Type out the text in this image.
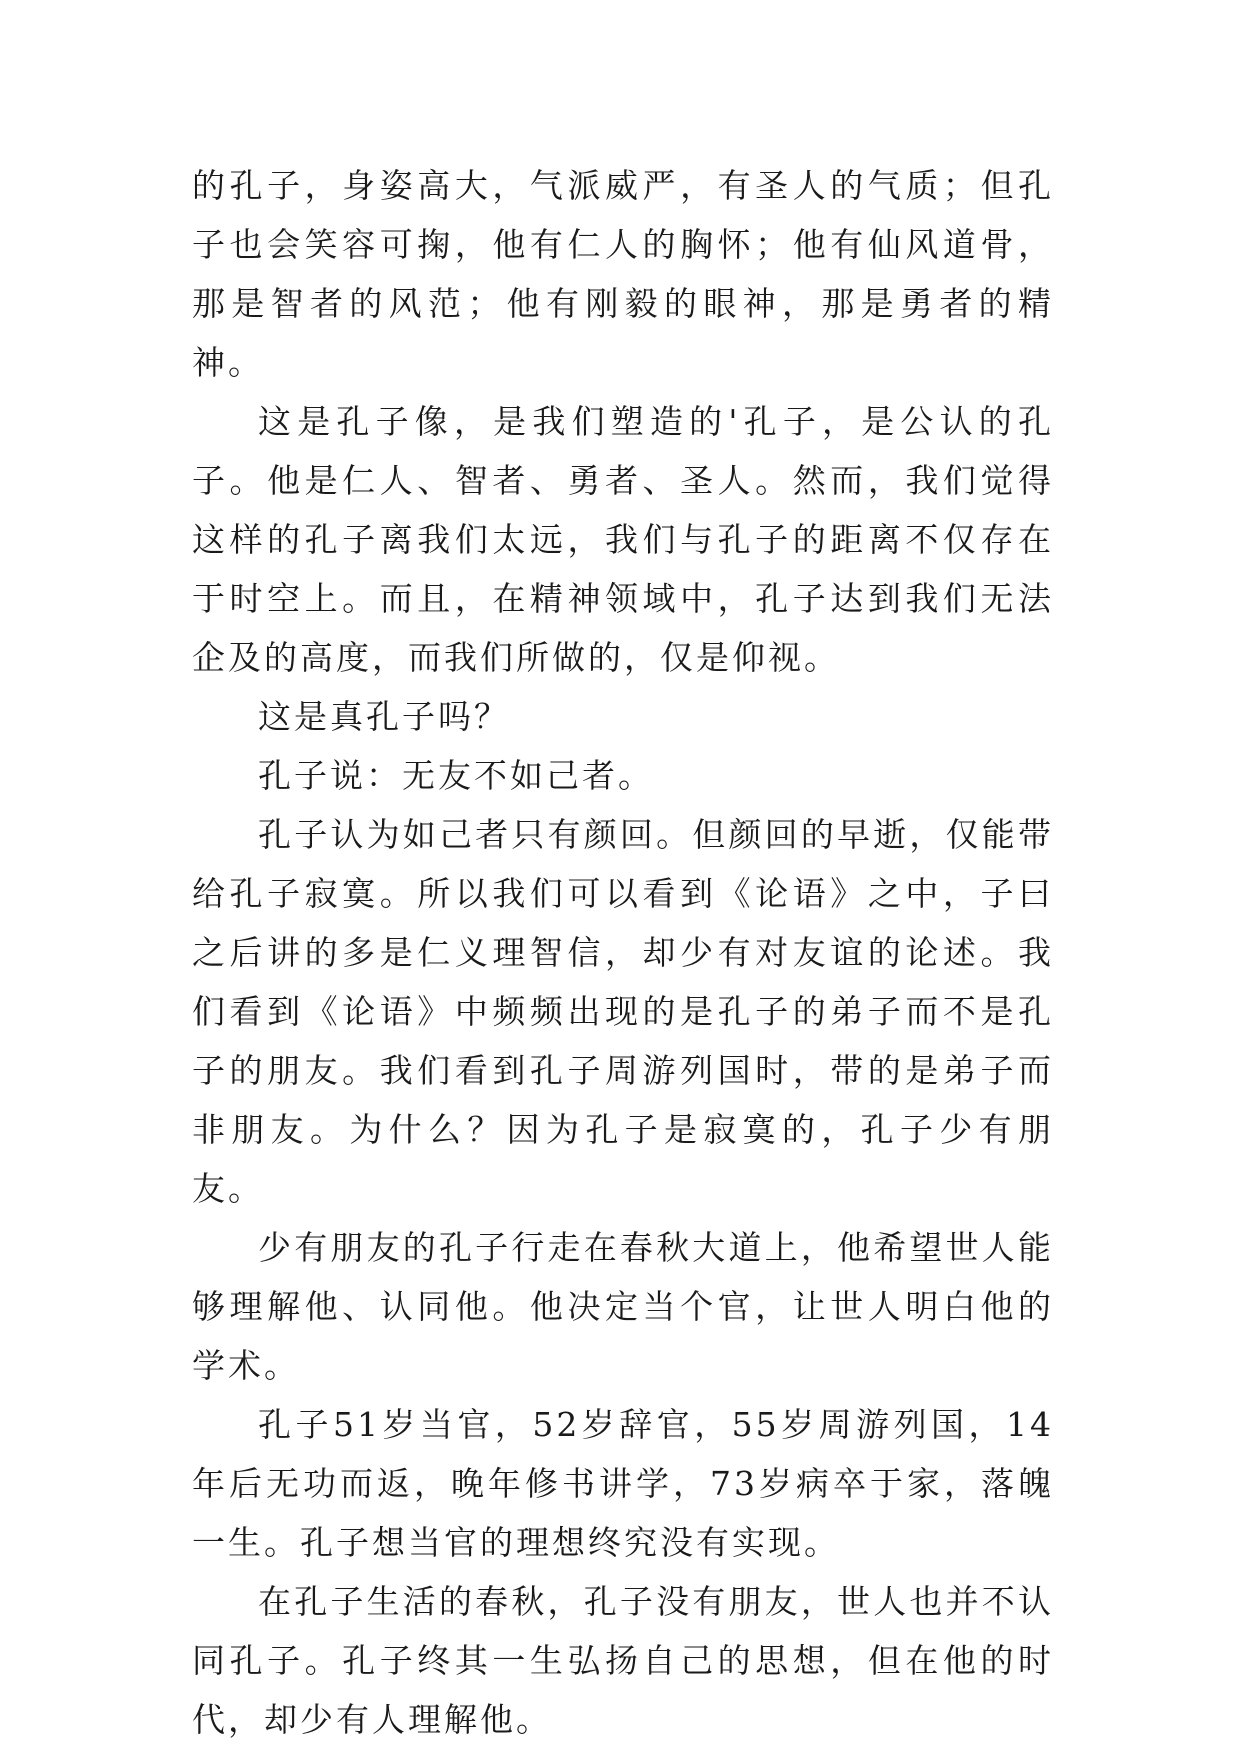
的孔子，身姿高大，气派威严，有圣人的气质；但孔子也会笑容可掬，他有仁人的胸怀；他有仙风道骨，那是智者的风范；他有刚毅的眼神，那是勇者的精神。

这是孔子像，是我们塑造的'孔子，是公认的孔子。他是仁人、智者、勇者、圣人。然而，我们觉得这样的孔子离我们太远，我们与孔子的距离不仅存在于时空上。而且，在精神领域中，孔子达到我们无法企及的高度，而我们所做的，仅是仰视。

这是真孔子吗？

孔子说：无友不如己者。

孔子认为如己者只有颜回。但颜回的早逝，仅能带给孔子寂寞。所以我们可以看到《论语》之中，子曰之后讲的多是仁义理智信，却少有对友谊的论述。我们看到《论语》中频频出现的是孔子的弟子而不是孔子的朋友。我们看到孔子周游列国时，带的是弟子而非朋友。为什么？因为孔子是寂寞的，孔子少有朋友。

少有朋友的孔子行走在春秋大道上，他希望世人能够理解他、认同他。他决定当个官，让世人明白他的学术。

孔子51岁当官，52岁辞官，55岁周游列国，14年后无功而返，晚年修书讲学，73岁病卒于家，落魄一生。孔子想当官的理想终究没有实现。

在孔子生活的春秋，孔子没有朋友，世人也并不认同孔子。孔子终其一生弘扬自己的思想，但在他的时代，却少有人理解他。
